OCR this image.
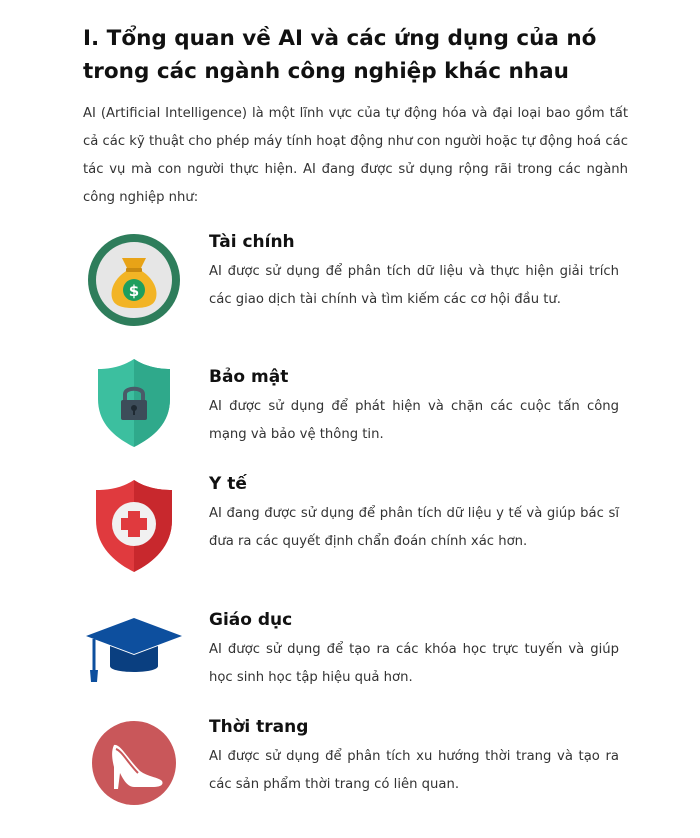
I. Tổng quan về AI và các ứng dụng của nó trong các ngành công nghiệp khác nhau

AI (Artificial Intelligence) là một lĩnh vực của tự động hóa và đại loại bao gồm tất cả các kỹ thuật cho phép máy tính hoạt động như con người hoặc tự động hoá các tác vụ mà con người thực hiện. AI đang được sử dụng rộng rãi trong các ngành công nghiệp như:

$
Tài chính

AI được sử dụng để phân tích dữ liệu và thực hiện giải trích các giao dịch tài chính và tìm kiếm các cơ hội đầu tư.

Bảo mật

AI được sử dụng để phát hiện và chặn các cuộc tấn công mạng và bảo vệ thông tin.

Y tế

AI đang được sử dụng để phân tích dữ liệu y tế và giúp bác sĩ đưa ra các quyết định chẩn đoán chính xác hơn.

Giáo dục

AI được sử dụng để tạo ra các khóa học trực tuyến và giúp học sinh học tập hiệu quả hơn.

Thời trang

AI được sử dụng để phân tích xu hướng thời trang và tạo ra các sản phẩm thời trang có liên quan.
